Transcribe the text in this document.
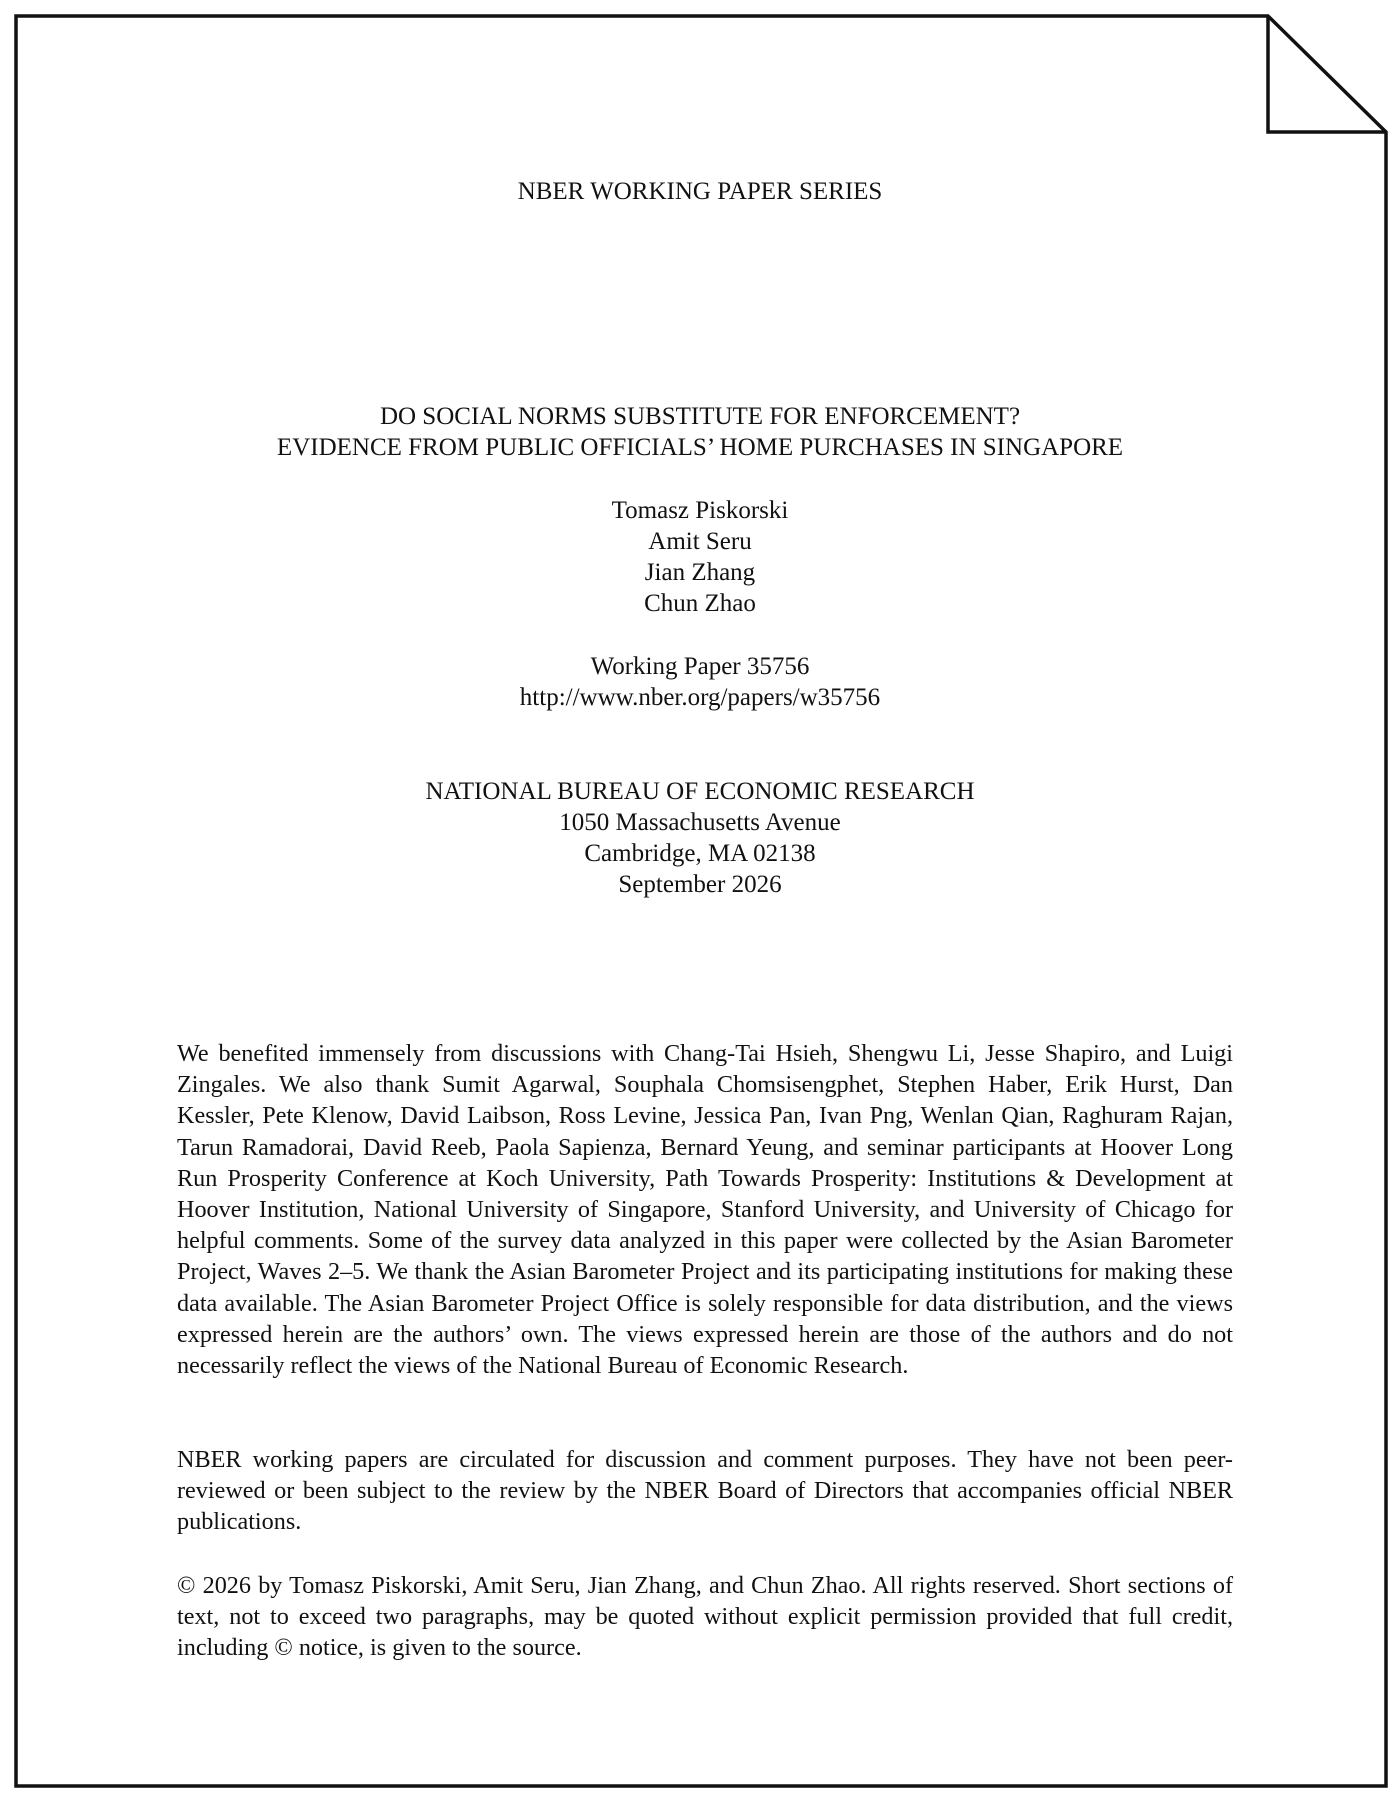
NBER WORKING PAPER SERIES
DO SOCIAL NORMS SUBSTITUTE FOR ENFORCEMENT?
EVIDENCE FROM PUBLIC OFFICIALS’ HOME PURCHASES IN SINGAPORE
Tomasz Piskorski
Amit Seru
Jian Zhang
Chun Zhao
Working Paper 35756
http://www.nber.org/papers/w35756
NATIONAL BUREAU OF ECONOMIC RESEARCH
1050 Massachusetts Avenue
Cambridge, MA 02138
September 2026

We benefited immensely from discussions with Chang-Tai Hsieh, Shengwu Li, Jesse Shapiro, and Luigi Zingales. We also thank Sumit Agarwal, Souphala Chomsisengphet, Stephen Haber, Erik Hurst, Dan Kessler, Pete Klenow, David Laibson, Ross Levine, Jessica Pan, Ivan Png, Wenlan Qian, Raghuram Rajan, Tarun Ramadorai, David Reeb, Paola Sapienza, Bernard Yeung, and seminar participants at Hoover Long Run Prosperity Conference at Koch University, Path Towards Prosperity: Institutions & Development at Hoover Institution, National University of Singapore, Stanford University, and University of Chicago for helpful comments. Some of the survey data analyzed in this paper were collected by the Asian Barometer Project, Waves 2–5. We thank the Asian Barometer Project and its participating institutions for making these data available. The Asian Barometer Project Office is solely responsible for data distribution, and the views expressed herein are the authors’ own. The views expressed herein are those of the authors and do not necessarily reflect the views of the National Bureau of Economic Research.

NBER working papers are circulated for discussion and comment purposes. They have not been peer-reviewed or been subject to the review by the NBER Board of Directors that accompanies official NBER publications.

© 2026 by Tomasz Piskorski, Amit Seru, Jian Zhang, and Chun Zhao. All rights reserved. Short sections of text, not to exceed two paragraphs, may be quoted without explicit permission provided that full credit, including © notice, is given to the source.
